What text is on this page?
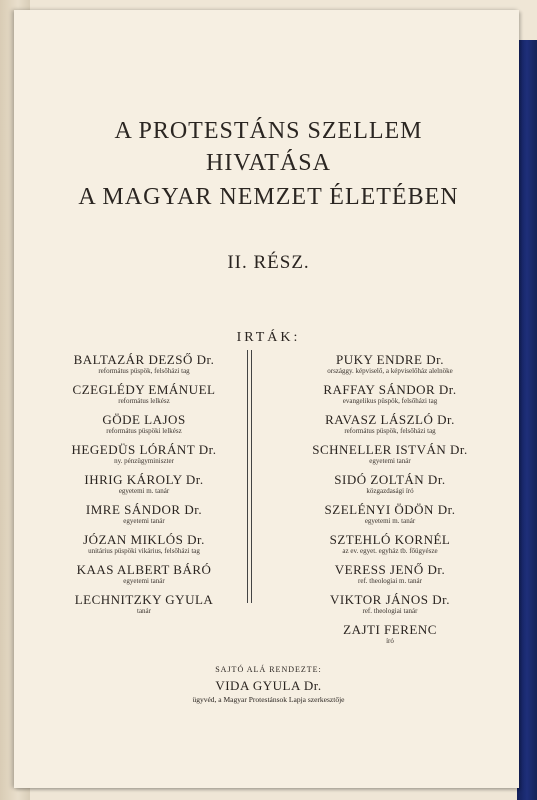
A PROTESTÁNS SZELLEM
HIVATÁSA
A MAGYAR NEMZET ÉLETÉBEN
II. RÉSZ.
IRTÁK:
BALTAZÁR DEZSŐ Dr.
református püspök, felsőházi tag
CZEGLÉDY EMÁNUEL
református lelkész
GÖDE LAJOS
református püspöki lelkész
HEGEDÜS LÓRÁNT Dr.
ny. pénzügyminiszter
IHRIG KÁROLY Dr.
egyetemi m. tanár
IMRE SÁNDOR Dr.
egyetemi tanár
JÓZAN MIKLÓS Dr.
unitárius püspöki vikárius, felsőházi tag
KAAS ALBERT BÁRÓ
egyetemi tanár
LECHNITZKY GYULA
tanár
PUKY ENDRE Dr.
országgy. képviselő, a képviselőház alelnöke
RAFFAY SÁNDOR Dr.
evangelikus püspök, felsőházi tag
RAVASZ LÁSZLÓ Dr.
református püspök, felsőházi tag
SCHNELLER ISTVÁN Dr.
egyetemi tanár
SIDÓ ZOLTÁN Dr.
közgazdasági író
SZELÉNYI ÖDÖN Dr.
egyetemi m. tanár
SZTEHLÓ KORNÉL
az ev. egyet. egyház tb. főügyésze
VERESS JENŐ Dr.
ref. theologiai m. tanár
VIKTOR JÁNOS Dr.
ref. theologiai tanár
ZAJTI FERENC
író
SAJTÓ ALÁ RENDEZTE:
VIDA GYULA Dr.
ügyvéd, a Magyar Protestánsok Lapja szerkesztője
